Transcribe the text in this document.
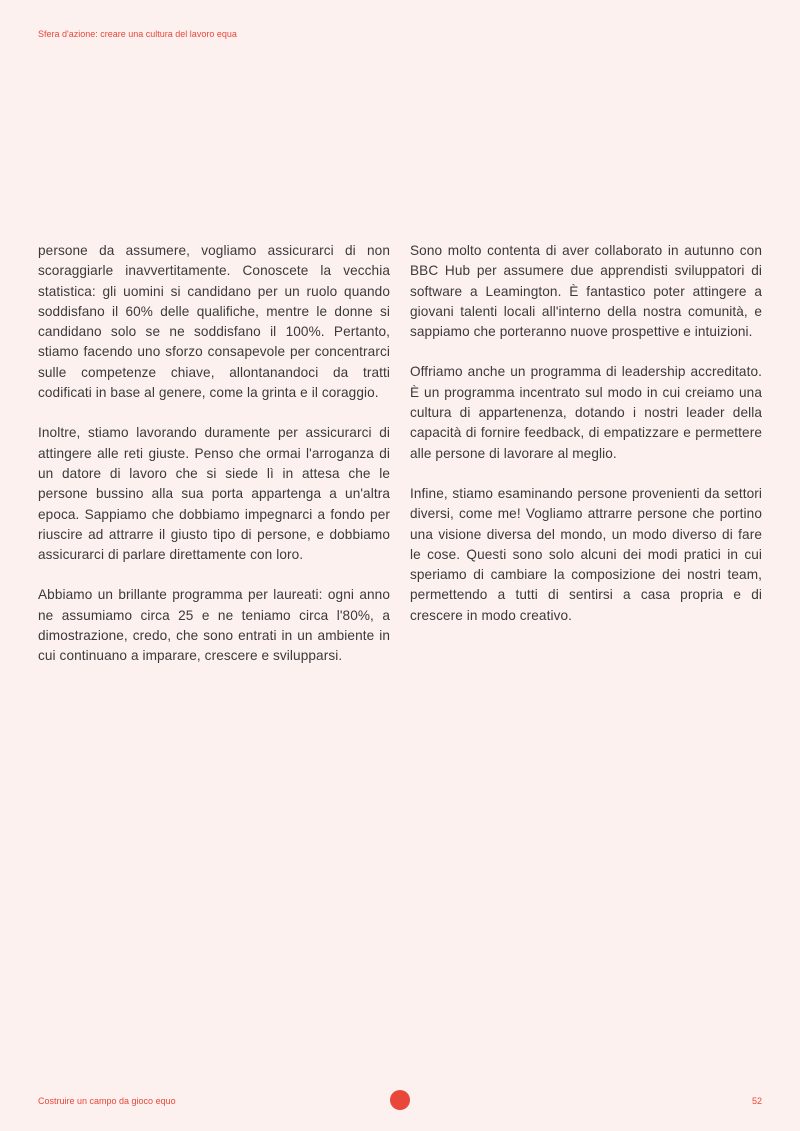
Sfera d'azione: creare una cultura del lavoro equa

persone da assumere, vogliamo assicurarci di non scoraggiarle inavvertitamente. Conoscete la vecchia statistica: gli uomini si candidano per un ruolo quando soddisfano il 60% delle qualifiche, mentre le donne si candidano solo se ne soddisfano il 100%. Pertanto, stiamo facendo uno sforzo consapevole per concentrarci sulle competenze chiave, allontanandoci da tratti codificati in base al genere, come la grinta e il coraggio.

Inoltre, stiamo lavorando duramente per assicurarci di attingere alle reti giuste. Penso che ormai l'arroganza di un datore di lavoro che si siede lì in attesa che le persone bussino alla sua porta appartenga a un'altra epoca. Sappiamo che dobbiamo impegnarci a fondo per riuscire ad attrarre il giusto tipo di persone, e dobbiamo assicurarci di parlare direttamente con loro.

Abbiamo un brillante programma per laureati: ogni anno ne assumiamo circa 25 e ne teniamo circa l'80%, a dimostrazione, credo, che sono entrati in un ambiente in cui continuano a imparare, crescere e svilupparsi.

Sono molto contenta di aver collaborato in autunno con BBC Hub per assumere due apprendisti sviluppatori di software a Leamington. È fantastico poter attingere a giovani talenti locali all'interno della nostra comunità, e sappiamo che porteranno nuove prospettive e intuizioni.

Offriamo anche un programma di leadership accreditato. È un programma incentrato sul modo in cui creiamo una cultura di appartenenza, dotando i nostri leader della capacità di fornire feedback, di empatizzare e permettere alle persone di lavorare al meglio.

Infine, stiamo esaminando persone provenienti da settori diversi, come me! Vogliamo attrarre persone che portino una visione diversa del mondo, un modo diverso di fare le cose. Questi sono solo alcuni dei modi pratici in cui speriamo di cambiare la composizione dei nostri team, permettendo a tutti di sentirsi a casa propria e di crescere in modo creativo.

Costruire un campo da gioco equo	52
